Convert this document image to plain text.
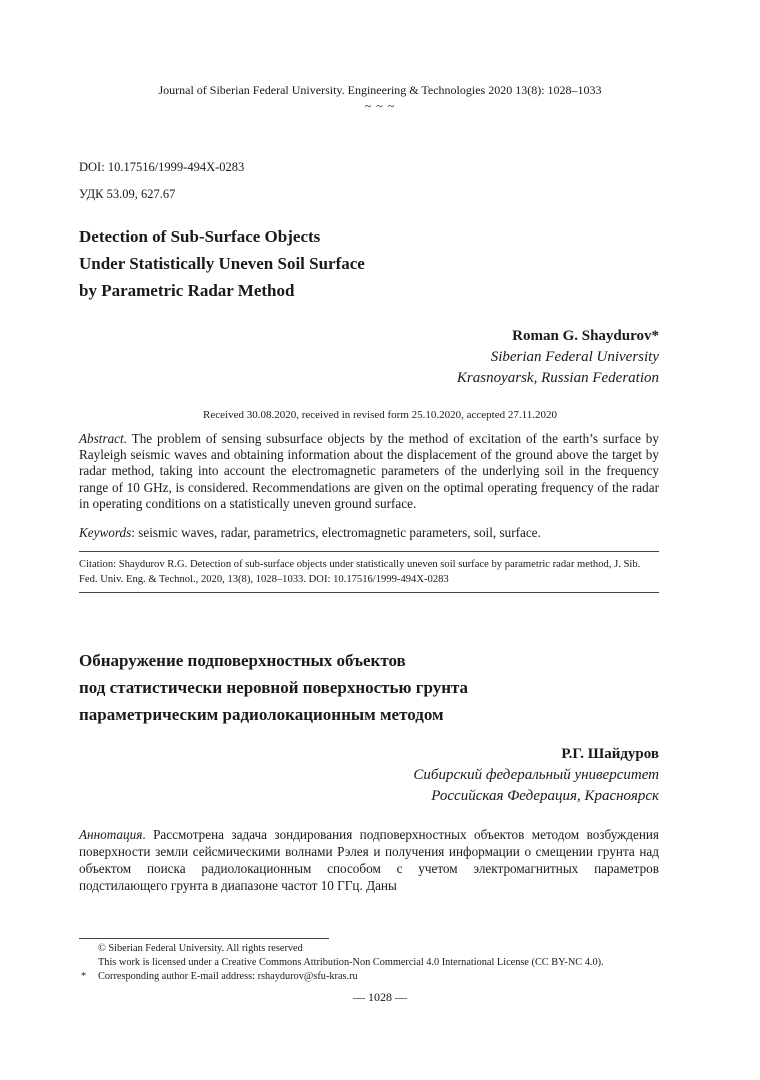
Journal of Siberian Federal University. Engineering & Technologies 2020 13(8): 1028–1033
~ ~ ~
DOI: 10.17516/1999-494X-0283
УДК 53.09, 627.67
Detection of Sub-Surface Objects
Under Statistically Uneven Soil Surface
by Parametric Radar Method
Roman G. Shaydurov*
Siberian Federal University
Krasnoyarsk, Russian Federation
Received 30.08.2020, received in revised form 25.10.2020, accepted 27.11.2020
Abstract. The problem of sensing subsurface objects by the method of excitation of the earth’s surface by Rayleigh seismic waves and obtaining information about the displacement of the ground above the target by radar method, taking into account the electromagnetic parameters of the underlying soil in the frequency range of 10 GHz, is considered. Recommendations are given on the optimal operating frequency of the radar in operating conditions on a statistically uneven ground surface.
Keywords: seismic waves, radar, parametrics, electromagnetic parameters, soil, surface.
Citation: Shaydurov R.G. Detection of sub-surface objects under statistically uneven soil surface by parametric radar method, J. Sib. Fed. Univ. Eng. & Technol., 2020, 13(8), 1028–1033. DOI: 10.17516/1999-494X-0283
Обнаружение подповерхностных объектов
под статистически неровной поверхностью грунта
параметрическим радиолокационным методом
Р.Г. Шайдуров
Сибирский федеральный университет
Российская Федерация, Красноярск
Аннотация. Рассмотрена задача зондирования подповерхностных объектов методом возбуждения поверхности земли сейсмическими волнами Рэлея и получения информации о смещении грунта над объектом поиска радиолокационным способом с учетом электромагнитных параметров подстилающего грунта в диапазоне частот 10 ГГц. Даны
© Siberian Federal University. All rights reserved
This work is licensed under a Creative Commons Attribution-Non Commercial 4.0 International License (CC BY-NC 4.0).
* Corresponding author E-mail address: rshaydurov@sfu-kras.ru
— 1028 —
